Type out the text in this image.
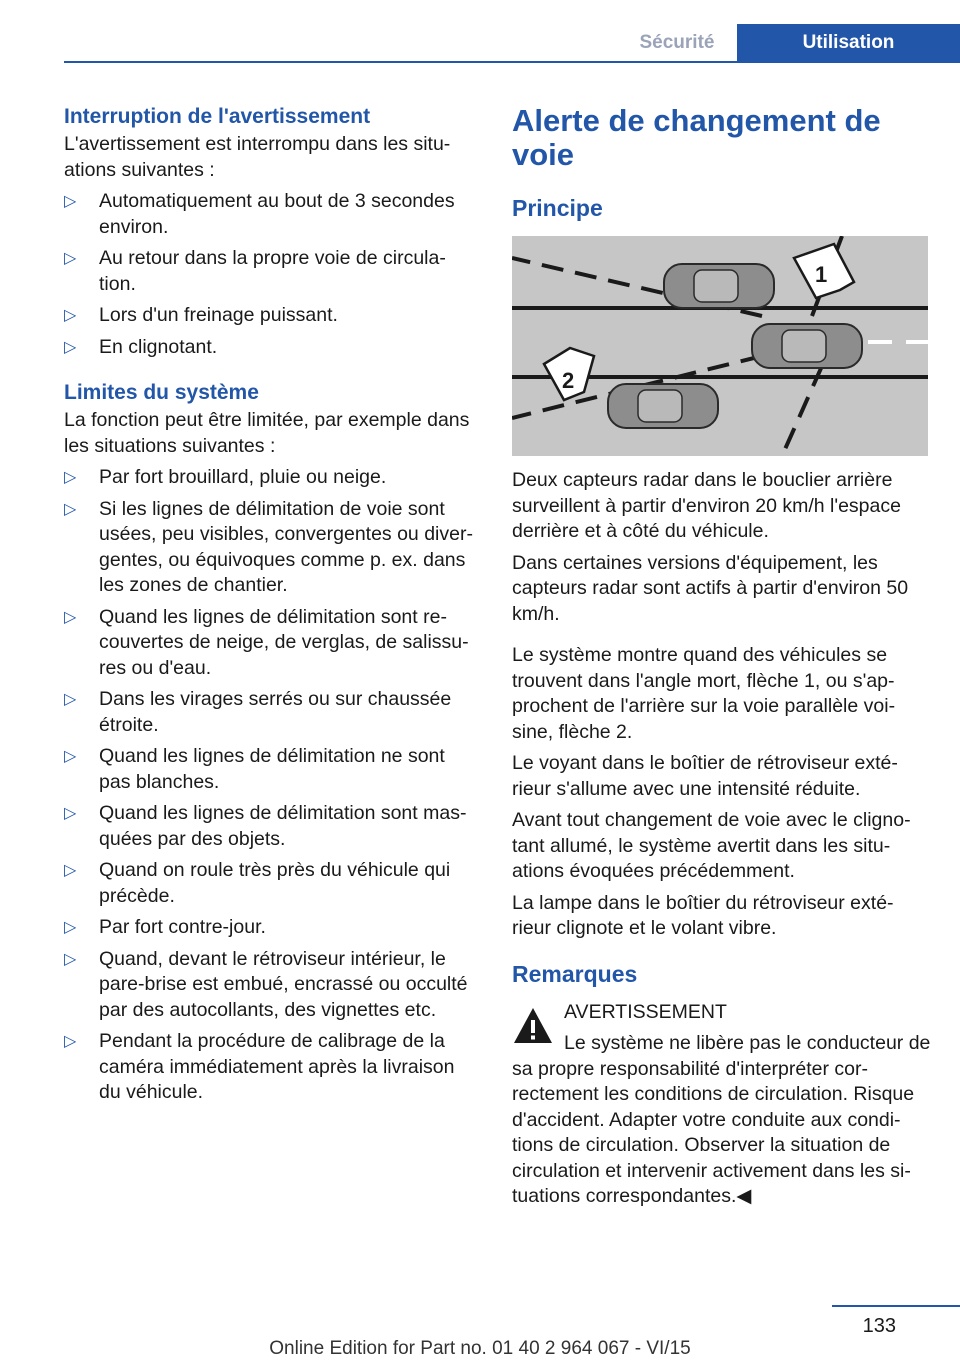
Sécurité	Utilisation
Interruption de l'avertissement

L'avertissement est interrompu dans les situ-ations suivantes :

▷ Automatiquement au bout de 3 secondes environ.
▷ Au retour dans la propre voie de circula-tion.
▷ Lors d'un freinage puissant.
▷ En clignotant.
Limites du système

La fonction peut être limitée, par exemple dans les situations suivantes :

▷ Par fort brouillard, pluie ou neige.
▷ Si les lignes de délimitation de voie sont usées, peu visibles, convergentes ou diver-gentes, ou équivoques comme p. ex. dans les zones de chantier.
▷ Quand les lignes de délimitation sont re-couvertes de neige, de verglas, de salissu-res ou d'eau.
▷ Dans les virages serrés ou sur chaussée étroite.
▷ Quand les lignes de délimitation ne sont pas blanches.
▷ Quand les lignes de délimitation sont mas-quées par des objets.
▷ Quand on roule très près du véhicule qui précède.
▷ Par fort contre-jour.
▷ Quand, devant le rétroviseur intérieur, le pare-brise est embué, encrassé ou occulté par des autocollants, des vignettes etc.
▷ Pendant la procédure de calibrage de la caméra immédiatement après la livraison du véhicule.
Alerte de changement de voie
Principe
1
2

Deux capteurs radar dans le bouclier arrière surveillent à partir d'environ 20 km/h l'espace derrière et à côté du véhicule.

Dans certaines versions d'équipement, les capteurs radar sont actifs à partir d'environ 50 km/h.

Le système montre quand des véhicules se trouvent dans l'angle mort, flèche 1, ou s'ap-prochent de l'arrière sur la voie parallèle voi-sine, flèche 2.

Le voyant dans le boîtier de rétroviseur exté-rieur s'allume avec une intensité réduite.

Avant tout changement de voie avec le cligno-tant allumé, le système avertit dans les situ-ations évoquées précédemment.

La lampe dans le boîtier du rétroviseur exté-rieur clignote et le volant vibre.

Remarques

AVERTISSEMENT

Le système ne libère pas le conducteur de sa propre responsabilité d'interpréter cor-rectement les conditions de circulation. Risque d'accident. Adapter votre conduite aux condi-tions de circulation. Observer la situation de circulation et intervenir activement dans les si-tuations correspondantes.◀

133
Online Edition for Part no. 01 40 2 964 067 - VI/15
